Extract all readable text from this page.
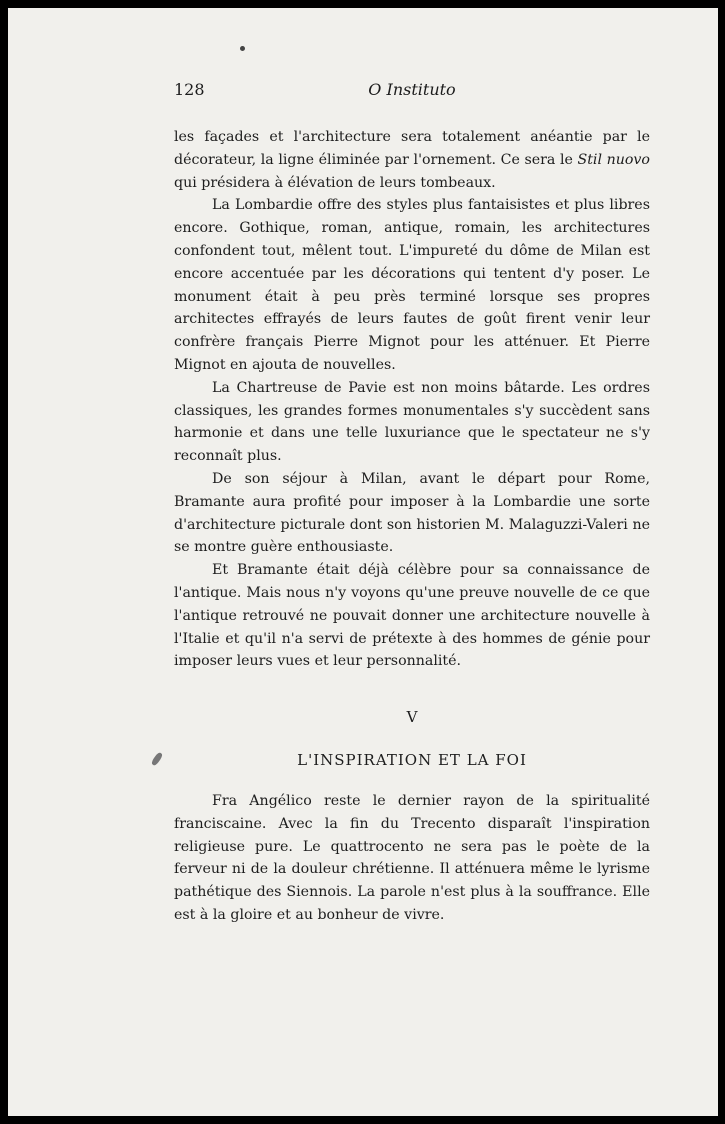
128	O Instituto

les façades et l'architecture sera totalement anéantie par le décorateur, la ligne éliminée par l'ornement. Ce sera le Stil nuovo qui présidera à élévation de leurs tombeaux.

La Lombardie offre des styles plus fantaisistes et plus libres encore. Gothique, roman, antique, romain, les architectures confondent tout, mêlent tout. L'impureté du dôme de Milan est encore accentuée par les décorations qui tentent d'y poser. Le monument était à peu près terminé lorsque ses propres architectes effrayés de leurs fautes de goût firent venir leur confrère français Pierre Mignot pour les atténuer. Et Pierre Mignot en ajouta de nouvelles.

La Chartreuse de Pavie est non moins bâtarde. Les ordres classiques, les grandes formes monumentales s'y succèdent sans harmonie et dans une telle luxuriance que le spectateur ne s'y reconnaît plus.

De son séjour à Milan, avant le départ pour Rome, Bramante aura profité pour imposer à la Lombardie une sorte d'architecture picturale dont son historien M. Malaguzzi-Valeri ne se montre guère enthousiaste.

Et Bramante était déjà célèbre pour sa connaissance de l'antique. Mais nous n'y voyons qu'une preuve nouvelle de ce que l'antique retrouvé ne pouvait donner une architecture nouvelle à l'Italie et qu'il n'a servi de prétexte à des hommes de génie pour imposer leurs vues et leur personnalité.

V
L'INSPIRATION ET LA FOI

Fra Angélico reste le dernier rayon de la spiritualité franciscaine. Avec la fin du Trecento disparaît l'inspiration religieuse pure. Le quattrocento ne sera pas le poète de la ferveur ni de la douleur chrétienne. Il atténuera même le lyrisme pathétique des Siennois. La parole n'est plus à la souffrance. Elle est à la gloire et au bonheur de vivre.
